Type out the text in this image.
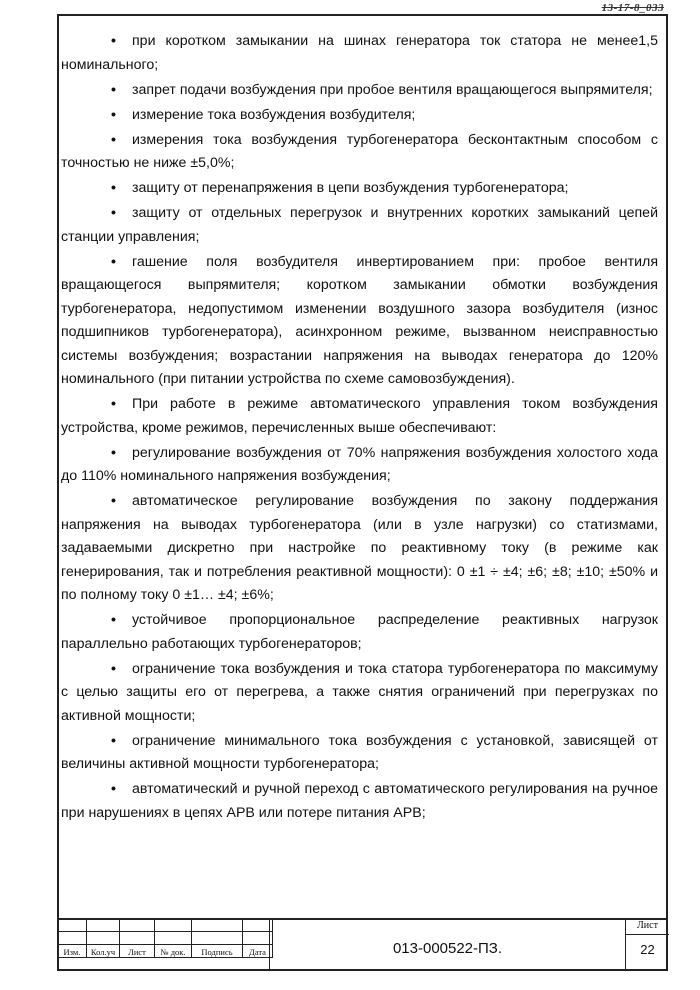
13-17-8_033

•при коротком замыкании на шинах генератора ток статора не менее1,5 номинального;

•запрет подачи возбуждения при пробое вентиля вращающегося выпрямителя;

•измерение тока возбуждения возбудителя;

•измерения тока возбуждения турбогенератора бесконтактным способом с точностью не ниже ±5,0%;

•защиту от перенапряжения в цепи возбуждения турбогенератора;

•защиту от отдельных перегрузок и внутренних коротких замыканий цепей станции управления;

•гашение поля возбудителя инвертированием при: пробое вентиля вращающегося выпрямителя; коротком замыкании обмотки возбуждения турбогенератора, недопустимом изменении воздушного зазора возбудителя (износ подшипников турбогенератора), асинхронном режиме, вызванном неисправностью системы возбуждения; возрастании напряжения на выводах генератора до 120% номинального (при питании устройства по схеме самовозбуждения).

•При работе в режиме автоматического управления током возбуждения устройства, кроме режимов, перечисленных выше обеспечивают:

•регулирование возбуждения от 70% напряжения возбуждения холостого хода до 110% номинального напряжения возбуждения;

•автоматическое регулирование возбуждения по закону поддержания напряжения на выводах турбогенератора (или в узле нагрузки) со статизмами, задаваемыми дискретно при настройке по реактивному току (в режиме как генерирования, так и потребления реактивной мощности): 0 ±1 ÷ ±4; ±6; ±8; ±10; ±50% и по полному току 0 ±1… ±4; ±6%;

•устойчивое пропорциональное распределение реактивных нагрузок параллельно работающих турбогенераторов;

•ограничение тока возбуждения и тока статора турбогенератора по максимуму с целью защиты его от перегрева, а также снятия ограничений при перегрузках по активной мощности;

•ограничение минимального тока возбуждения с установкой, зависящей от величины активной мощности турбогенератора;

•автоматический и ручной переход с автоматического регулирования на ручное при нарушениях в цепях АРВ или потере питания АРВ;

Изм.	Кол.уч	Лист	№ док.	Подпись	Дата	013-000522-ПЗ.
Лист
22
